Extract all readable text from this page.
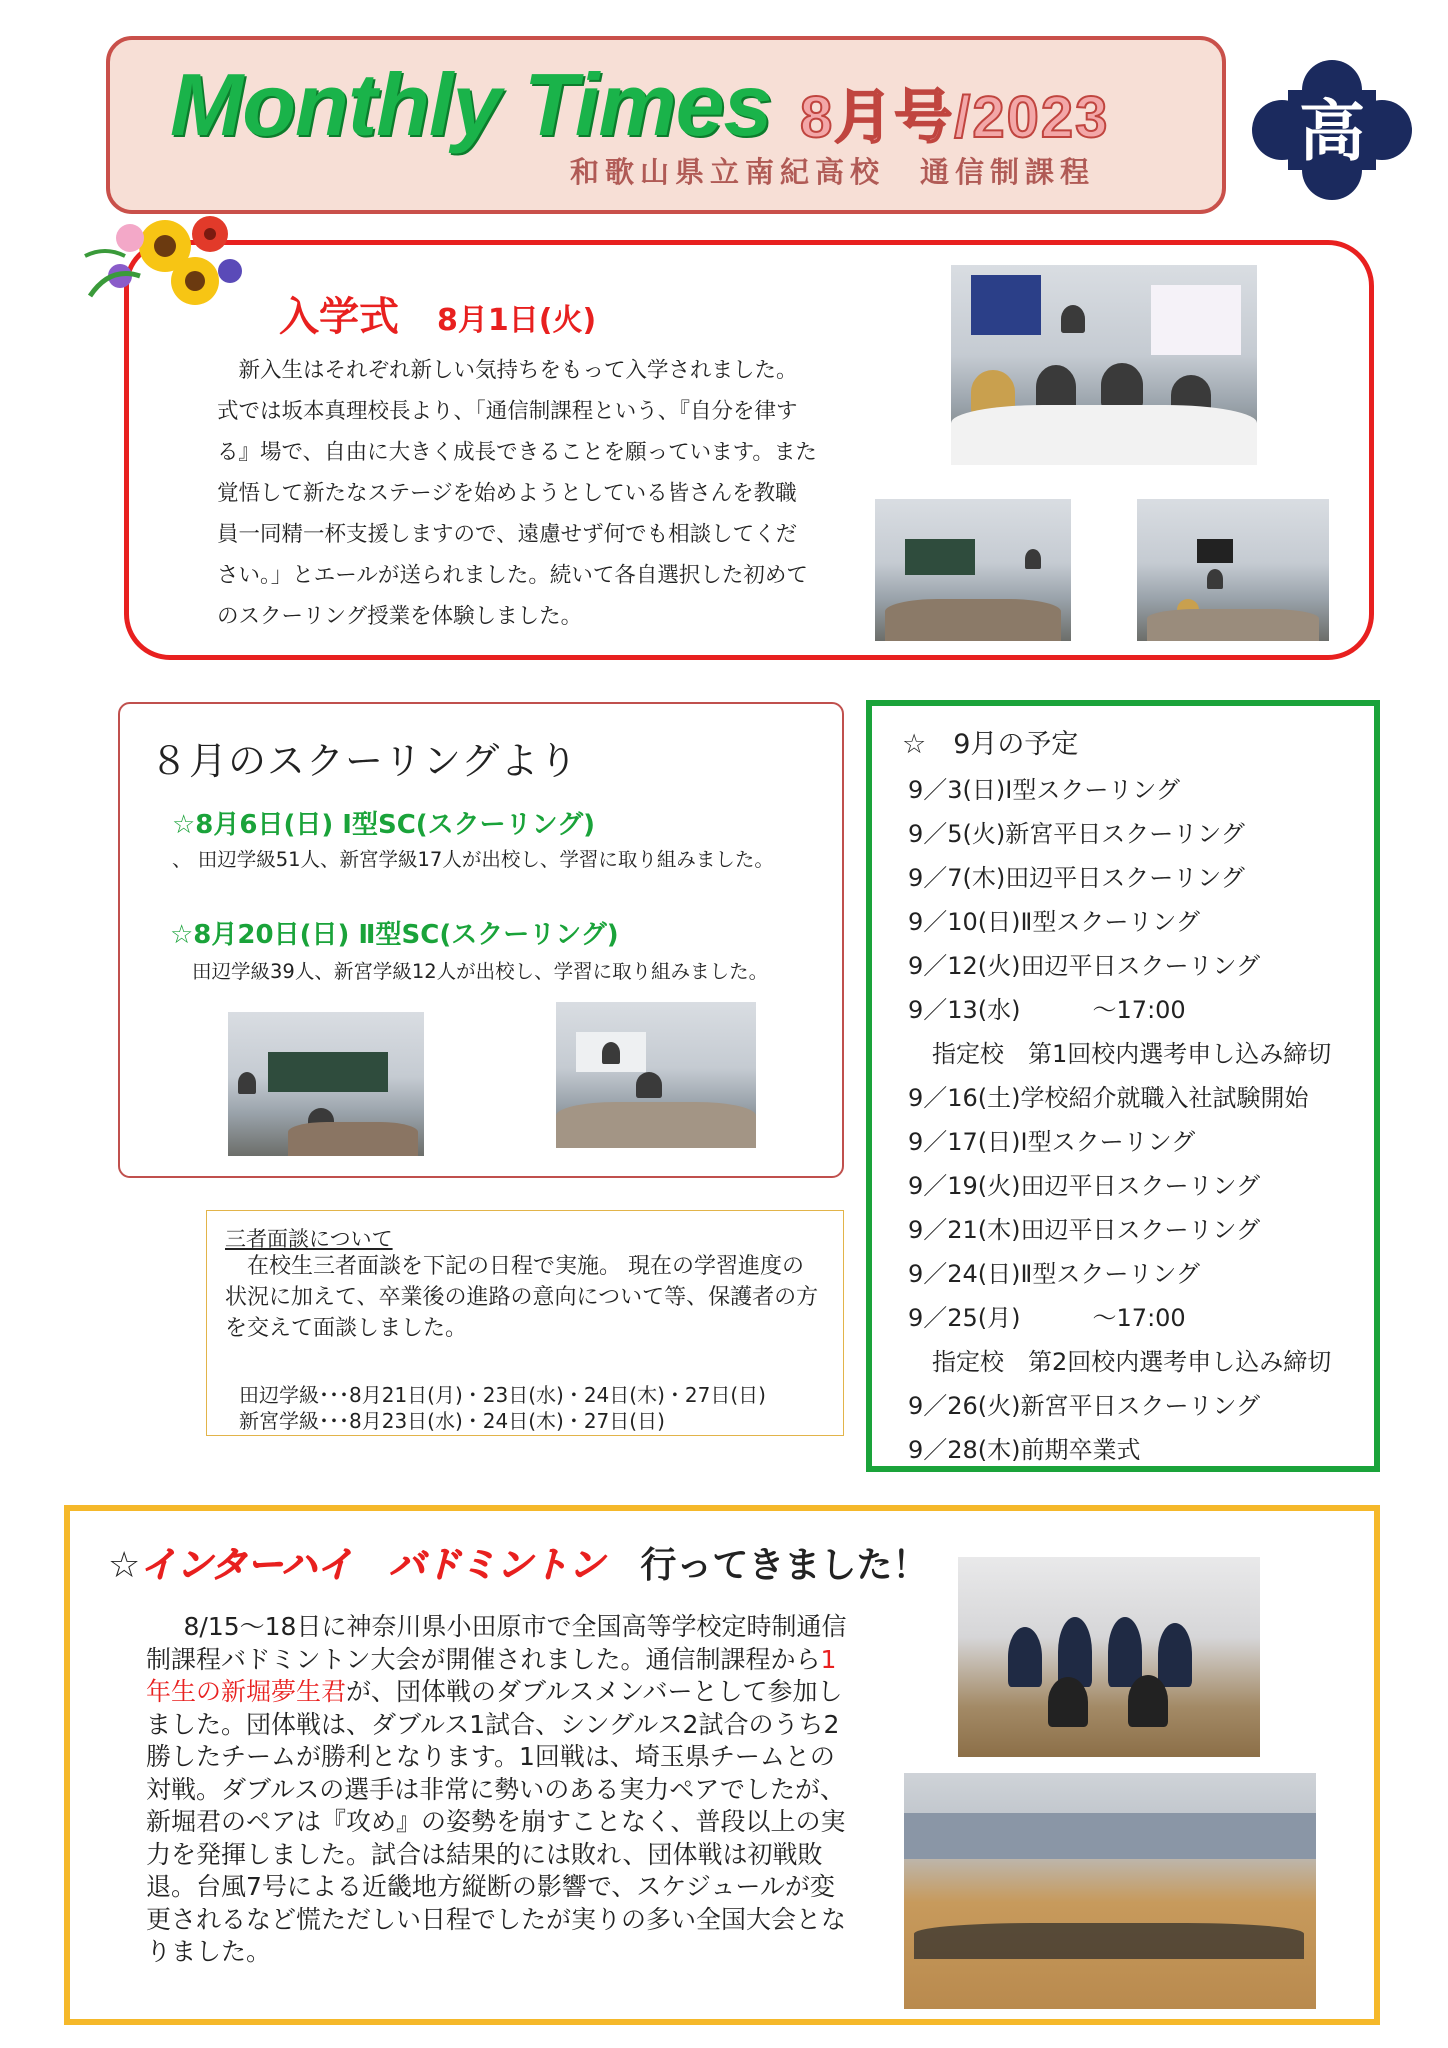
Monthly Times 8月号/2023
和歌山県立南紀高校　通信制課程
高
入学式 8月1日(火)
新入生はそれぞれ新しい気持ちをもって入学されました。式では坂本真理校長より、「通信制課程という、『自分を律する』場で、自由に大きく成長できることを願っています。また覚悟して新たなステージを始めようとしている皆さんを教職員一同精一杯支援しますので、遠慮せず何でも相談してください。」とエールが送られました。続いて各自選択した初めてのスクーリング授業を体験しました。
８月のスクーリングより
☆8月6日(日) Ⅰ型SC(スクーリング)
、 田辺学級51人、新宮学級17人が出校し、学習に取り組みました。
☆8月20日(日) Ⅱ型SC(スクーリング)
田辺学級39人、新宮学級12人が出校し、学習に取り組みました。
三者面談について
在校生三者面談を下記の日程で実施。 現在の学習進度の状況に加えて、卒業後の進路の意向について等、保護者の方を交えて面談しました。
田辺学級･･･8月21日(月)・23日(水)・24日(木)・27日(日)
新宮学級･･･8月23日(水)・24日(木)・27日(日)
☆　9月の予定
9／3(日)Ⅰ型スクーリング
9／5(火)新宮平日スクーリング
9／7(木)田辺平日スクーリング
9／10(日)Ⅱ型スクーリング
9／12(火)田辺平日スクーリング
9／13(水)　　　～17:00
　指定校　第1回校内選考申し込み締切
9／16(土)学校紹介就職入社試験開始
9／17(日)Ⅰ型スクーリング
9／19(火)田辺平日スクーリング
9／21(木)田辺平日スクーリング
9／24(日)Ⅱ型スクーリング
9／25(月)　　　～17:00
　指定校　第2回校内選考申し込み締切
9／26(火)新宮平日スクーリング
9／28(木)前期卒業式
☆インターハイ　バドミントン　行ってきました！
8/15～18日に神奈川県小田原市で全国高等学校定時制通信制課程バドミントン大会が開催されました。通信制課程から1年生の新堀夢生君が、団体戦のダブルスメンバーとして参加しました。団体戦は、ダブルス1試合、シングルス2試合のうち2勝したチームが勝利となります。1回戦は、埼玉県チームとの対戦。ダブルスの選手は非常に勢いのある実力ペアでしたが、新堀君のペアは『攻め』の姿勢を崩すことなく、普段以上の実力を発揮しました。試合は結果的には敗れ、団体戦は初戦敗退。台風7号による近畿地方縦断の影響で、スケジュールが変更されるなど慌ただしい日程でしたが実りの多い全国大会となりました。
